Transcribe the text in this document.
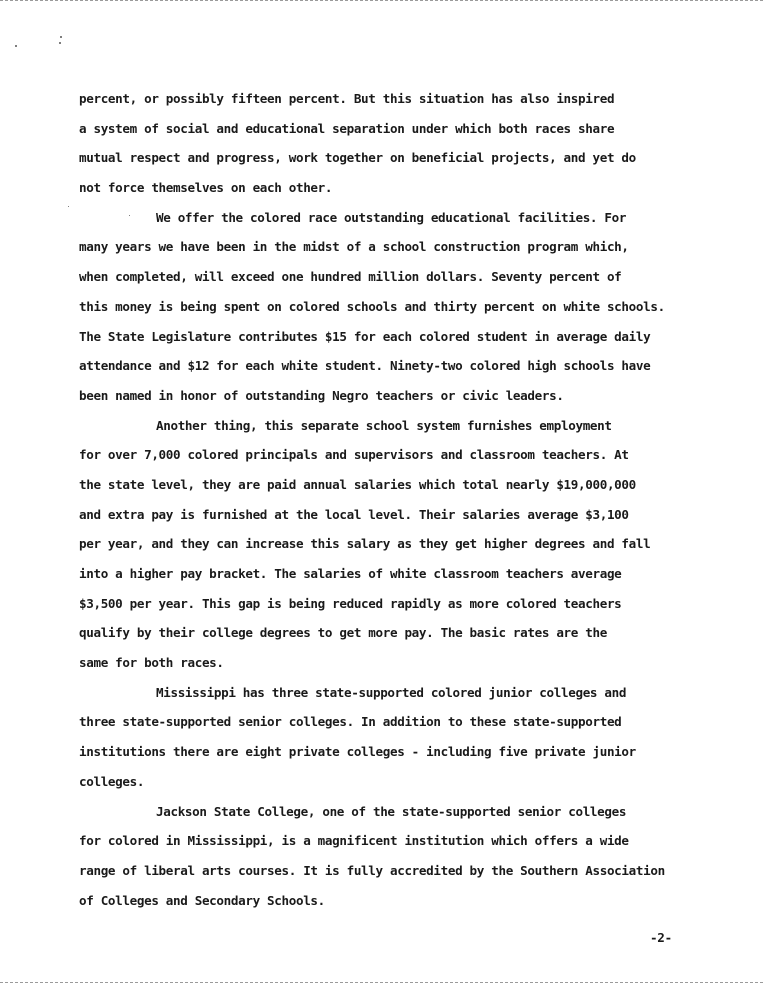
percent, or possibly fifteen percent. But this situation has also inspired
a system of social and educational separation under which both races share
mutual respect and progress, work together on beneficial projects, and yet do
not force themselves on each other.
We offer the colored race outstanding educational facilities. For
many years we have been in the midst of a school construction program which,
when completed, will exceed one hundred million dollars. Seventy percent of
this money is being spent on colored schools and thirty percent on white schools.
The State Legislature contributes $15 for each colored student in average daily
attendance and $12 for each white student. Ninety-two colored high schools have
been named in honor of outstanding Negro teachers or civic leaders.
Another thing, this separate school system furnishes employment
for over 7,000 colored principals and supervisors and classroom teachers. At
the state level, they are paid annual salaries which total nearly $19,000,000
and extra pay is furnished at the local level. Their salaries average $3,100
per year, and they can increase this salary as they get higher degrees and fall
into a higher pay bracket. The salaries of white classroom teachers average
$3,500 per year. This gap is being reduced rapidly as more colored teachers
qualify by their college degrees to get more pay. The basic rates are the
same for both races.
Mississippi has three state-supported colored junior colleges and
three state-supported senior colleges. In addition to these state-supported
institutions there are eight private colleges - including five private junior
colleges.
Jackson State College, one of the state-supported senior colleges
for colored in Mississippi, is a magnificent institution which offers a wide
range of liberal arts courses. It is fully accredited by the Southern Association
of Colleges and Secondary Schools.
-2-
